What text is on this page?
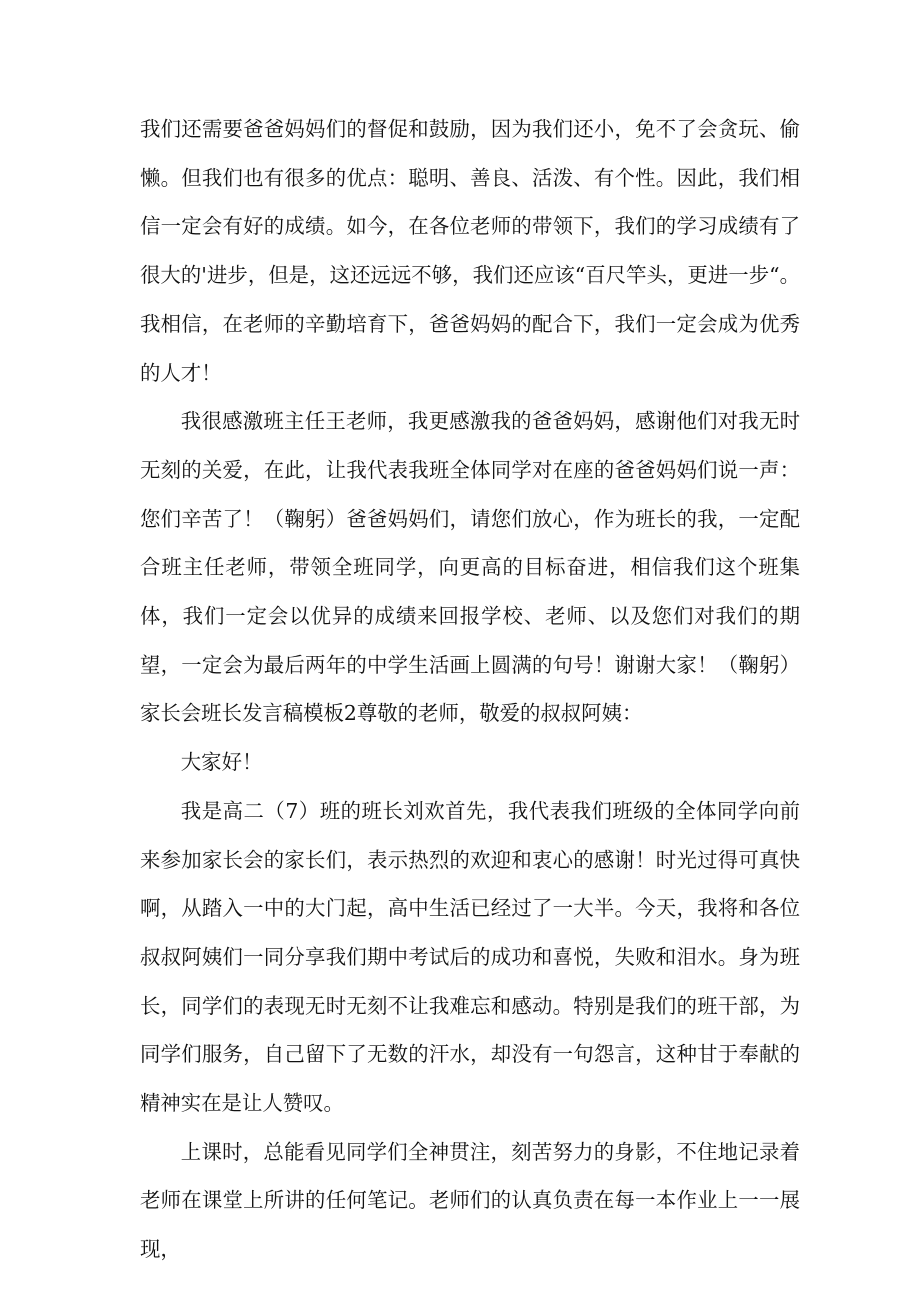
我们还需要爸爸妈妈们的督促和鼓励，因为我们还小，免不了会贪玩、偷懒。但我们也有很多的优点：聪明、善良、活泼、有个性。因此，我们相信一定会有好的成绩。如今，在各位老师的带领下，我们的学习成绩有了很大的'进步，但是，这还远远不够，我们还应该“百尺竿头，更进一步“。我相信，在老师的辛勤培育下，爸爸妈妈的配合下，我们一定会成为优秀的人才！

我很感激班主任王老师，我更感激我的爸爸妈妈，感谢他们对我无时无刻的关爱，在此，让我代表我班全体同学对在座的爸爸妈妈们说一声：您们辛苦了！（鞠躬）爸爸妈妈们，请您们放心，作为班长的我，一定配合班主任老师，带领全班同学，向更高的目标奋进，相信我们这个班集体，我们一定会以优异的成绩来回报学校、老师、以及您们对我们的期望，一定会为最后两年的中学生活画上圆满的句号！谢谢大家！（鞠躬）家长会班长发言稿模板2尊敬的老师，敬爱的叔叔阿姨：

大家好！

我是高二（7）班的班长刘欢首先，我代表我们班级的全体同学向前来参加家长会的家长们，表示热烈的欢迎和衷心的感谢！时光过得可真快啊，从踏入一中的大门起，高中生活已经过了一大半。今天，我将和各位叔叔阿姨们一同分享我们期中考试后的成功和喜悦，失败和泪水。身为班长，同学们的表现无时无刻不让我难忘和感动。特别是我们的班干部，为同学们服务，自己留下了无数的汗水，却没有一句怨言，这种甘于奉献的精神实在是让人赞叹。

上课时，总能看见同学们全神贯注，刻苦努力的身影，不住地记录着老师在课堂上所讲的任何笔记。老师们的认真负责在每一本作业上一一展现，
